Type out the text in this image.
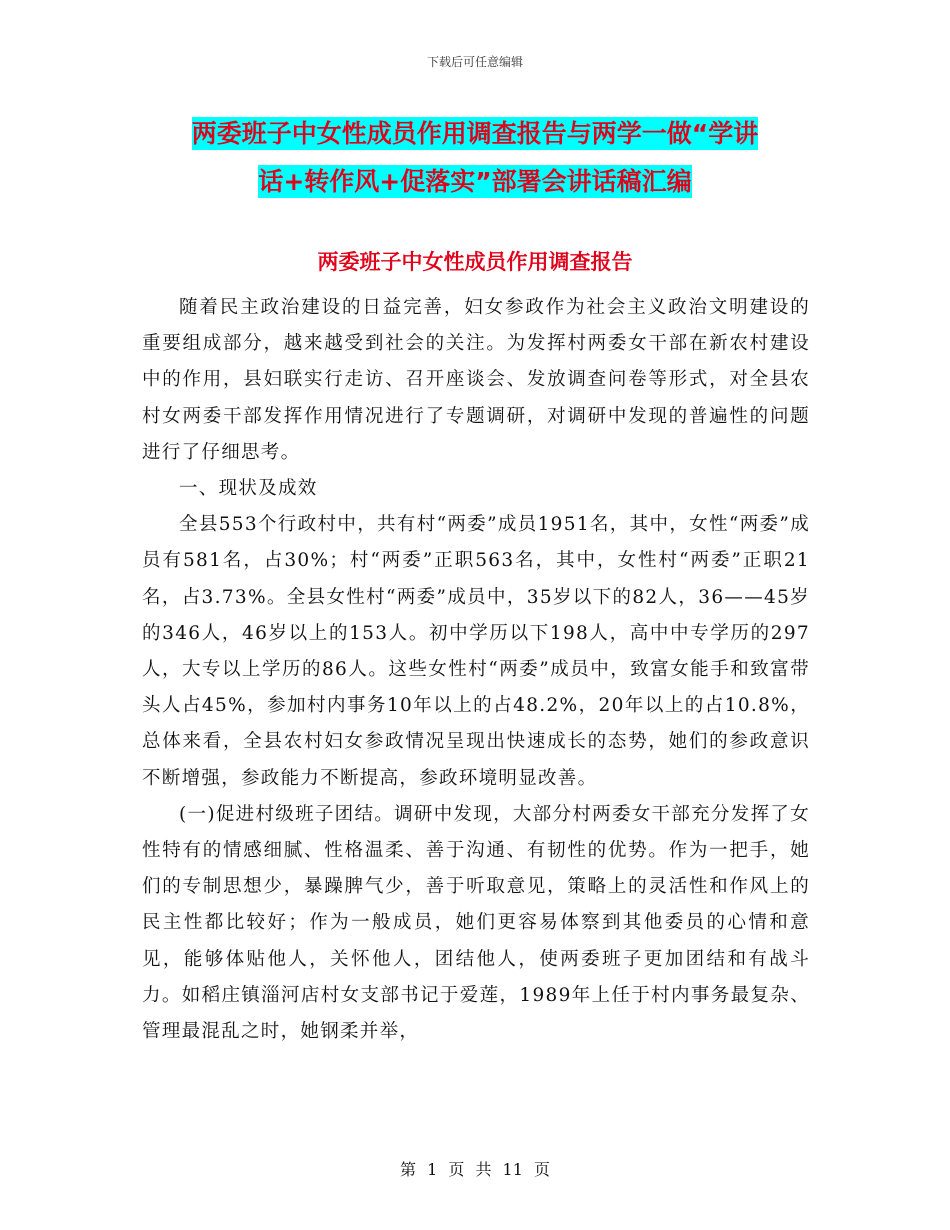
下载后可任意编辑
两委班子中女性成员作用调查报告与两学一做“学讲
话+转作风+促落实”部署会讲话稿汇编
两委班子中女性成员作用调查报告

随着民主政治建设的日益完善，妇女参政作为社会主义政治文明建设的重要组成部分，越来越受到社会的关注。为发挥村两委女干部在新农村建设中的作用，县妇联实行走访、召开座谈会、发放调查问卷等形式，对全县农村女两委干部发挥作用情况进行了专题调研，对调研中发现的普遍性的问题进行了仔细思考。

一、现状及成效

全县553个行政村中，共有村“两委”成员1951名，其中，女性“两委”成员有581名，占30%；村“两委”正职563名，其中，女性村“两委”正职21名，占3.73%。全县女性村“两委”成员中，35岁以下的82人，36——45岁的346人，46岁以上的153人。初中学历以下198人，高中中专学历的297人，大专以上学历的86人。这些女性村“两委”成员中，致富女能手和致富带头人占45%，参加村内事务10年以上的占48.2%，20年以上的占10.8%，总体来看，全县农村妇女参政情况呈现出快速成长的态势，她们的参政意识不断增强，参政能力不断提高，参政环境明显改善。

(一)促进村级班子团结。调研中发现，大部分村两委女干部充分发挥了女性特有的情感细腻、性格温柔、善于沟通、有韧性的优势。作为一把手，她们的专制思想少，暴躁脾气少，善于听取意见，策略上的灵活性和作风上的民主性都比较好；作为一般成员，她们更容易体察到其他委员的心情和意见，能够体贴他人，关怀他人，团结他人，使两委班子更加团结和有战斗力。如稻庄镇淄河店村女支部书记于爱莲，1989年上任于村内事务最复杂、管理最混乱之时，她钢柔并举，

第 1 页 共 11 页
